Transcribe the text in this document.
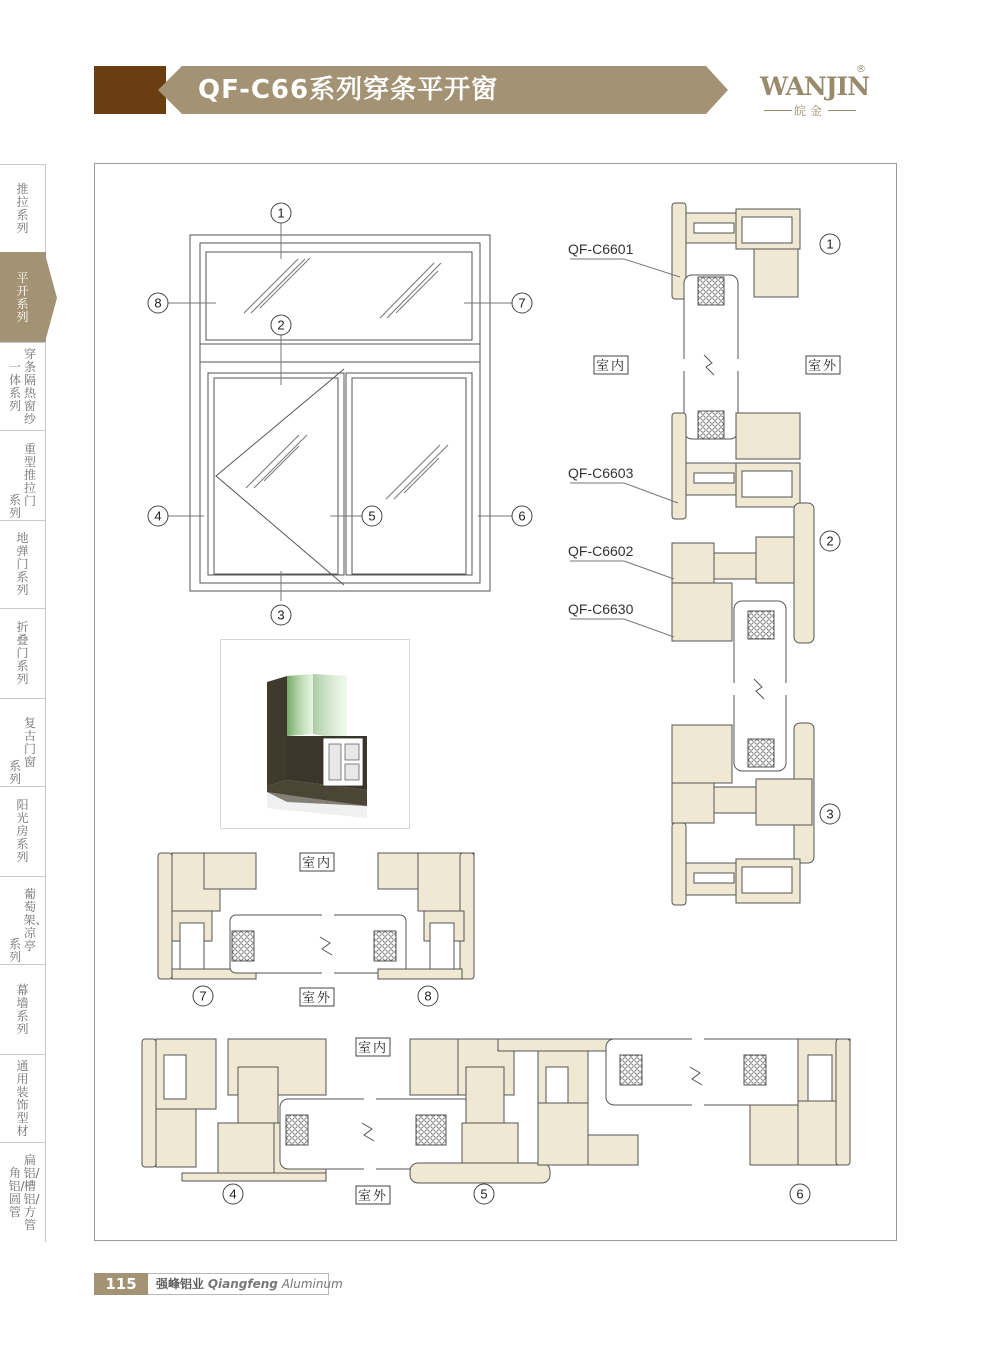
QF-C66系列穿条平开窗	WANJIN
®
皖金
推拉系列
平开系列
一体系列
穿条隔热窗纱
系列
重型推拉门
地弹门系列
折叠门系列
系列
复古门窗
阳光房系列
系列
葡萄架、凉亭
幕墙系列
通用装饰型材
角铝/圆管
扁铝/槽铝/方管
1
2
3
4	5	6
7
8
QF-C6601
QF-C6603
QF-C6602
QF-C6630
室内	室外
1
2
3
室内
室外
7	8
室内
室外
4	5	6
115	强峰铝业 Qiangfeng Aluminum
